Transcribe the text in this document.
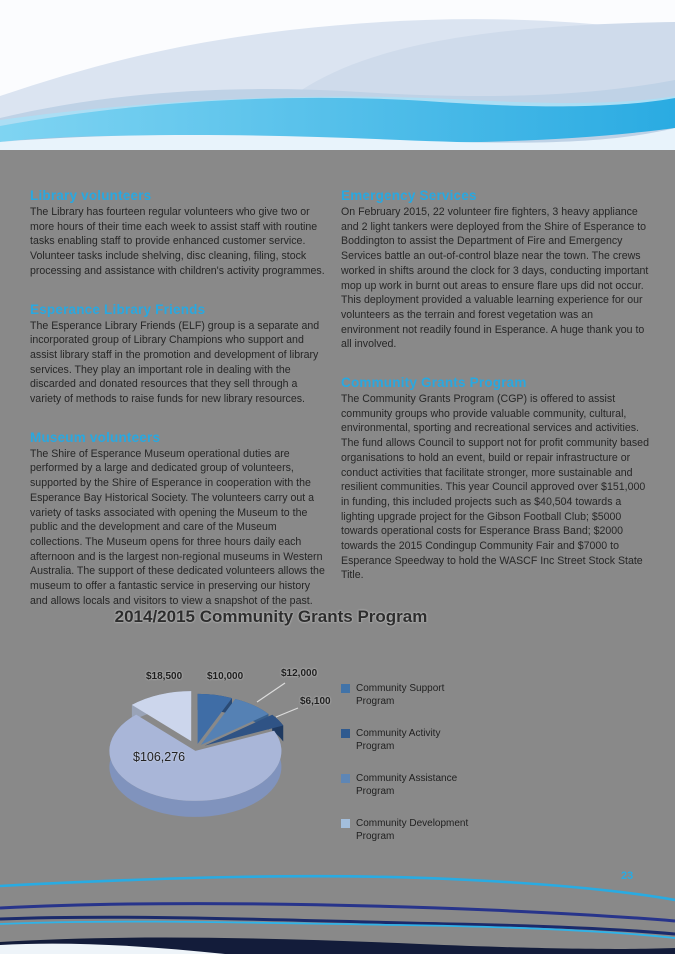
Library volunteers

The Library has fourteen regular volunteers who give two or more hours of their time each week to assist staff with routine tasks enabling staff to provide enhanced customer service. Volunteer tasks include shelving, disc cleaning, filing, stock processing and assistance with children's activity programmes.

Esperance Library Friends

The Esperance Library Friends (ELF) group is a separate and incorporated group of Library Champions who support and assist library staff in the promotion and development of library services. They play an important role in dealing with the discarded and donated resources that they sell through a variety of methods to raise funds for new library resources.

Museum volunteers

The Shire of Esperance Museum operational duties are performed by a large and dedicated group of volunteers, supported by the Shire of Esperance in cooperation with the Esperance Bay Historical Society. The volunteers carry out a variety of tasks associated with opening the Museum to the public and the development and care of the Museum collections. The Museum opens for three hours daily each afternoon and is the largest non-regional museums in Western Australia. The support of these dedicated volunteers allows the museum to offer a fantastic service in preserving our history and allows locals and visitors to view a snapshot of the past.

Emergency Services

On February 2015, 22 volunteer fire fighters, 3 heavy appliance and 2 light tankers were deployed from the Shire of Esperance to Boddington to assist the Department of Fire and Emergency Services battle an out-of-control blaze near the town. The crews worked in shifts around the clock for 3 days, conducting important mop up work in burnt out areas to ensure flare ups did not occur. This deployment provided a valuable learning experience for our volunteers as the terrain and forest vegetation was an environment not readily found in Esperance. A huge thank you to all involved.

Community Grants Program

The Community Grants Program (CGP) is offered to assist community groups who provide valuable community, cultural, environmental, sporting and recreational services and activities. The fund allows Council to support not for profit community based organisations to hold an event, build or repair infrastructure or conduct activities that facilitate stronger, more sustainable and resilient communities. This year Council approved over $151,000 in funding, this included projects such as $40,504 towards a lighting upgrade project for the Gibson Football Club; $5000 towards operational costs for Esperance Brass Band; $2000 towards the 2015 Condingup Community Fair and $7000 to Esperance Speedway to hold the WASCF Inc Street Stock State Title.

2014/2015 Community Grants Program
$18,500 $10,000	$12,000
$6,100
$106,276
Community Support Program
Community Activity Program
Community Assistance Program
Community Development Program
23
